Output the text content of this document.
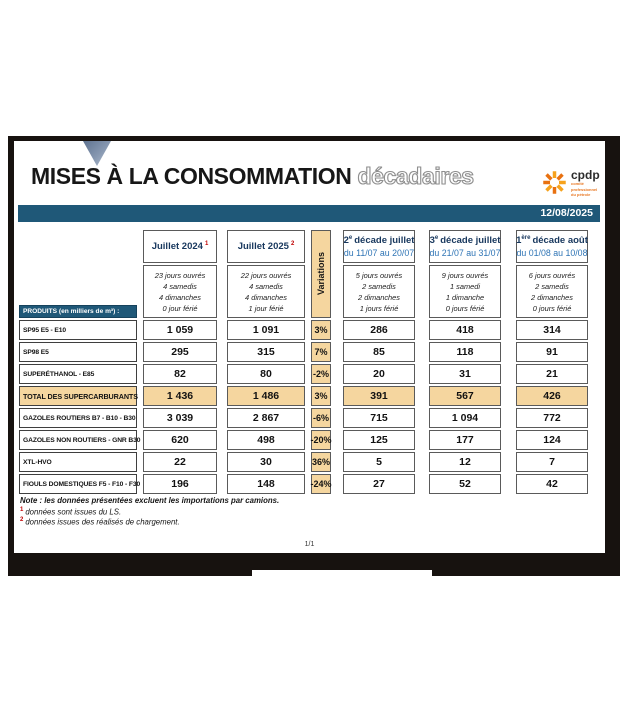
MISES À LA CONSOMMATION décadaires	cpdp
comité
professionnel
du pétrole
12/08/2025
PRODUITS (en milliers de m³) :
SP95 E5 - E10
SP98 E5
SUPERÉTHANOL - E85
TOTAL DES SUPERCARBURANTS
GAZOLES ROUTIERS B7 - B10 - B30
GAZOLES NON ROUTIERS - GNR B30
XTL-HVO
FIOULS DOMESTIQUES F5 - F10 - F30
Juillet 2024 $^1$
23 jours ouvrés
4 samedis
4 dimanches
0 jour férié
1 059
295
82
1 436
3 039
620
22
196
Juillet 2025 $^2$
22 jours ouvrés
4 samedis
4 dimanches
1 jour férié
1 091
315
80
1 486
2 867
498
30
148
Variations
3%
7%
-2%
3%
-6%
-20%
36%
-24%
2e décade juillet
du 11/07 au 20/07
5 jours ouvrés
2 samedis
2 dimanches
1 jours férié
286
85
20
391
715
125
5
27
3e décade juillet
du 21/07 au 31/07
9 jours ouvrés
1 samedi
1 dimanche
0 jours férié
418
118
31
567
1 094
177
12
52
1ère décade août
du 01/08 au 10/08
6 jours ouvrés
2 samedis
2 dimanches
0 jours férié
314
91
21
426
772
124
7
42
Note : les données présentées excluent les importations par camions.
$^1$ données sont issues du LS.
$^2$ données issues des réalisés de chargement.
1/1
